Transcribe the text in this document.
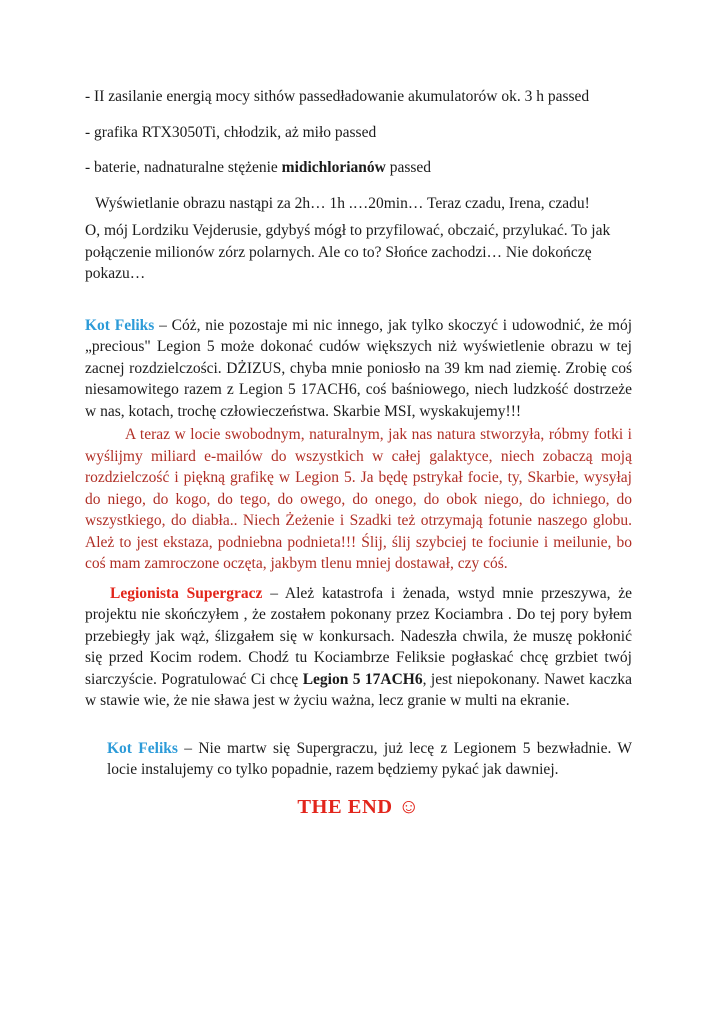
- II zasilanie energią mocy sithów passedładowanie akumulatorów ok. 3 h passed

- grafika RTX3050Ti, chłodzik, aż miło passed

- baterie, nadnaturalne stężenie midichlorianów passed

Wyświetlanie obrazu nastąpi za 2h… 1h .…20min… Teraz czadu, Irena, czadu!

O, mój Lordziku Vejderusie, gdybyś mógł to przyfilować, obczaić, przylukać. To jak połączenie milionów zórz polarnych. Ale co to? Słońce zachodzi… Nie dokończę pokazu…

Kot Feliks – Cóż, nie pozostaje mi nic innego, jak tylko skoczyć i udowodnić, że mój „precious" Legion 5 może dokonać cudów większych niż wyświetlenie obrazu w tej zacnej rozdzielczości. DŻIZUS, chyba mnie poniosło na 39 km nad ziemię. Zrobię coś niesamowitego razem z Legion 5 17ACH6, coś baśniowego, niech ludzkość dostrzeże w nas, kotach, trochę człowieczeństwa. Skarbie MSI, wyskakujemy!!!

A teraz w locie swobodnym, naturalnym, jak nas natura stworzyła, róbmy fotki i wyślijmy miliard e-mailów do wszystkich w całej galaktyce, niech zobaczą moją rozdzielczość i piękną grafikę w Legion 5. Ja będę pstrykał focie, ty, Skarbie, wysyłaj do niego, do kogo, do tego, do owego, do onego, do obok niego, do ichniego, do wszystkiego, do diabła.. Niech Żeżenie i Szadki też otrzymają fotunie naszego globu. Ależ to jest ekstaza, podniebna podnieta!!! Ślij, ślij szybciej te fociunie i meilunie, bo coś mam zamroczone oczęta, jakbym tlenu mniej dostawał, czy cóś.

Legionista Supergracz – Ależ katastrofa i żenada, wstyd mnie przeszywa, że projektu nie skończyłem , że zostałem pokonany przez Kociambra . Do tej pory byłem przebiegły jak wąż, ślizgałem się w konkursach. Nadeszła chwila, że muszę pokłonić się przed Kocim rodem. Chodź tu Kociambrze Feliksie pogłaskać chcę grzbiet twój siarczyście. Pogratulować Ci chcę Legion 5 17ACH6, jest niepokonany. Nawet kaczka w stawie wie, że nie sława jest w życiu ważna, lecz granie w multi na ekranie.

Kot Feliks – Nie martw się Supergraczu, już lecę z Legionem 5 bezwładnie. W locie instalujemy co tylko popadnie, razem będziemy pykać jak dawniej.

THE END ☺
